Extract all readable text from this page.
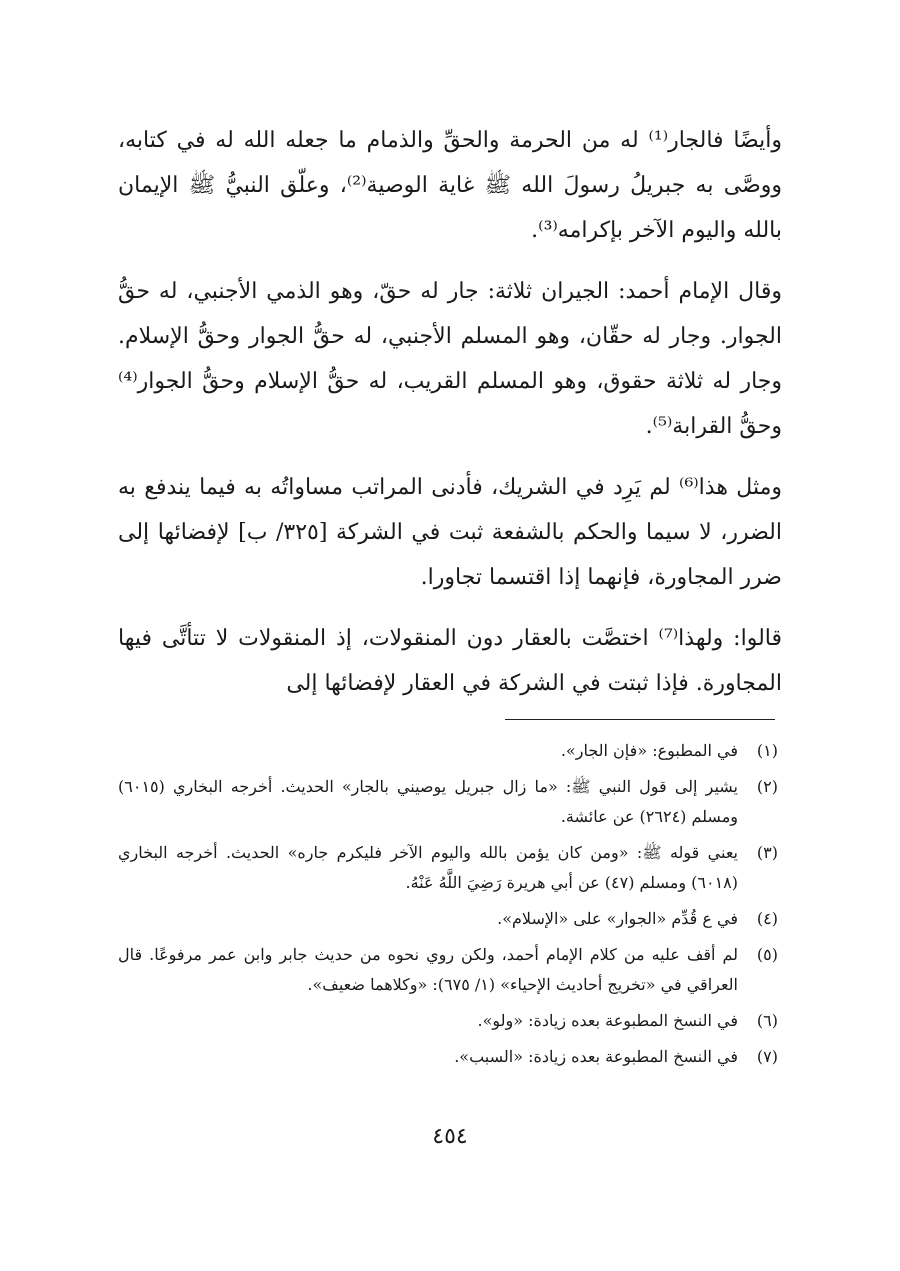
وأيضًا فالجار⁽¹⁾ له من الحرمة والحقِّ والذمام ما جعله الله له في كتابه، ووصَّى به جبريلُ رسولَ الله ﷺ غاية الوصية⁽²⁾، وعلّق النبيُّ ﷺ الإيمان بالله واليوم الآخر بإكرامه⁽³⁾.

وقال الإمام أحمد: الجيران ثلاثة: جار له حقّ، وهو الذمي الأجنبي، له حقُّ الجوار. وجار له حقّان، وهو المسلم الأجنبي، له حقُّ الجوار وحقُّ الإسلام. وجار له ثلاثة حقوق، وهو المسلم القريب، له حقُّ الإسلام وحقُّ الجوار⁽⁴⁾ وحقُّ القرابة⁽⁵⁾.

ومثل هذا⁽⁶⁾ لم يَرِد في الشريك، فأدنى المراتب مساواتُه به فيما يندفع به الضرر، لا سيما والحكم بالشفعة ثبت في الشركة [٣٢٥/ ب] لإفضائها إلى ضرر المجاورة، فإنهما إذا اقتسما تجاورا.

قالوا: ولهذا⁽⁷⁾ اختصَّت بالعقار دون المنقولات، إذ المنقولات لا تتأتَّى فيها المجاورة. فإذا ثبتت في الشركة في العقار لإفضائها إلى

(١)
في المطبوع: «فإن الجار».
(٢)
يشير إلى قول النبي ﷺ: «ما زال جبريل يوصيني بالجار» الحديث. أخرجه البخاري (٦٠١٥) ومسلم (٢٦٢٤) عن عائشة.
(٣)
يعني قوله ﷺ: «ومن كان يؤمن بالله واليوم الآخر فليكرم جاره» الحديث. أخرجه البخاري (٦٠١٨) ومسلم (٤٧) عن أبي هريرة رَضِيَ اللَّهُ عَنْهُ.
(٤)
في ع قُدِّم «الجوار» على «الإسلام».
(٥)
لم أقف عليه من كلام الإمام أحمد، ولكن روي نحوه من حديث جابر وابن عمر مرفوعًا. قال العراقي في «تخريج أحاديث الإحياء» (١/ ٦٧٥): «وكلاهما ضعيف».
(٦)
في النسخ المطبوعة بعده زيادة: «ولو».
(٧)
في النسخ المطبوعة بعده زيادة: «السبب».
٤٥٤
